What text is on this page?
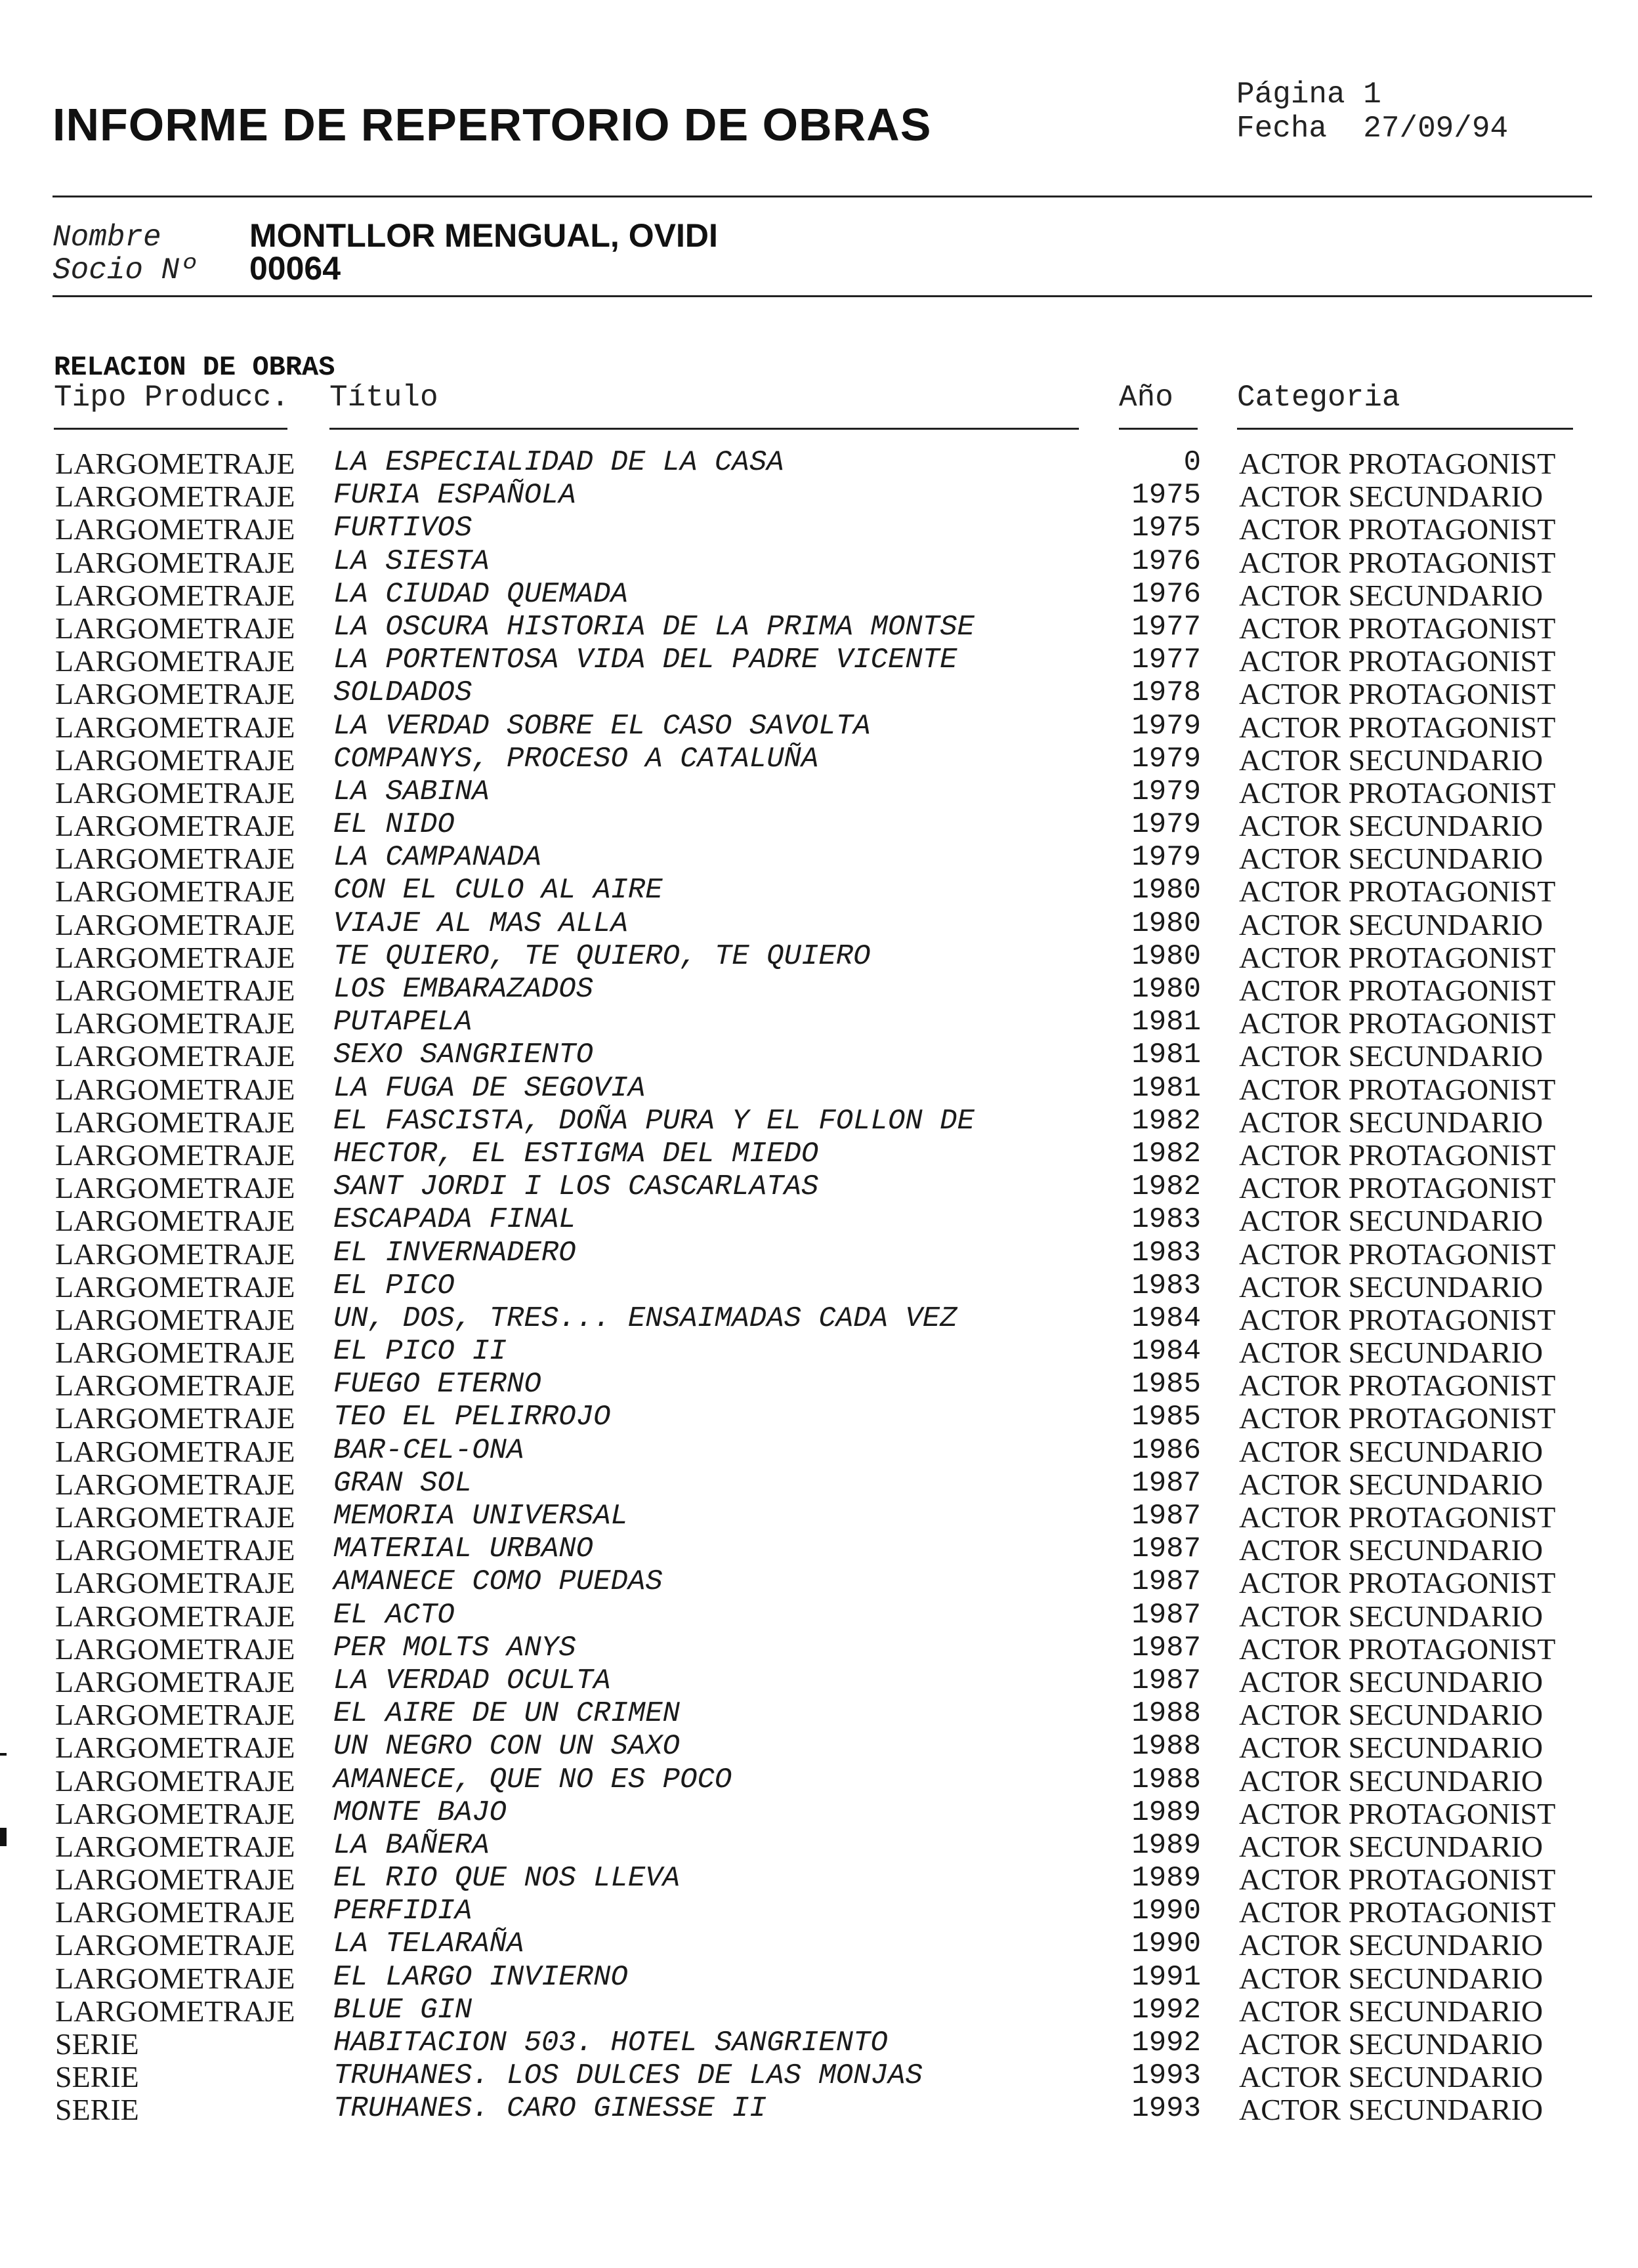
INFORME DE REPERTORIO DE OBRAS
Página 1
Fecha 27/09/94
Nombre	MONTLLOR MENGUAL, OVIDI
Socio Nº	00064
RELACION DE OBRAS
Tipo Producc. Título	Año Categoria
LARGOMETRAJE LA ESPECIALIDAD DE LA CASA	0 ACTOR PROTAGONIST
LARGOMETRAJE FURIA ESPAÑOLA	1975 ACTOR SECUNDARIO
LARGOMETRAJE FURTIVOS	1975 ACTOR PROTAGONIST
LARGOMETRAJE LA SIESTA	1976 ACTOR PROTAGONIST
LARGOMETRAJE LA CIUDAD QUEMADA	1976 ACTOR SECUNDARIO
LARGOMETRAJE LA OSCURA HISTORIA DE LA PRIMA MONTSE	1977 ACTOR PROTAGONIST
LARGOMETRAJE LA PORTENTOSA VIDA DEL PADRE VICENTE	1977 ACTOR PROTAGONIST
LARGOMETRAJE SOLDADOS	1978 ACTOR PROTAGONIST
LARGOMETRAJE LA VERDAD SOBRE EL CASO SAVOLTA	1979 ACTOR PROTAGONIST
LARGOMETRAJE COMPANYS, PROCESO A CATALUÑA	1979 ACTOR SECUNDARIO
LARGOMETRAJE LA SABINA	1979 ACTOR PROTAGONIST
LARGOMETRAJE EL NIDO	1979 ACTOR SECUNDARIO
LARGOMETRAJE LA CAMPANADA	1979 ACTOR SECUNDARIO
LARGOMETRAJE CON EL CULO AL AIRE	1980 ACTOR PROTAGONIST
LARGOMETRAJE VIAJE AL MAS ALLA	1980 ACTOR SECUNDARIO
LARGOMETRAJE TE QUIERO, TE QUIERO, TE QUIERO	1980 ACTOR PROTAGONIST
LARGOMETRAJE LOS EMBARAZADOS	1980 ACTOR PROTAGONIST
LARGOMETRAJE PUTAPELA	1981 ACTOR PROTAGONIST
LARGOMETRAJE SEXO SANGRIENTO	1981 ACTOR SECUNDARIO
LARGOMETRAJE LA FUGA DE SEGOVIA	1981 ACTOR PROTAGONIST
LARGOMETRAJE EL FASCISTA, DOÑA PURA Y EL FOLLON DE	1982 ACTOR SECUNDARIO
LARGOMETRAJE HECTOR, EL ESTIGMA DEL MIEDO	1982 ACTOR PROTAGONIST
LARGOMETRAJE SANT JORDI I LOS CASCARLATAS	1982 ACTOR PROTAGONIST
LARGOMETRAJE ESCAPADA FINAL	1983 ACTOR SECUNDARIO
LARGOMETRAJE EL INVERNADERO	1983 ACTOR PROTAGONIST
LARGOMETRAJE EL PICO	1983 ACTOR SECUNDARIO
LARGOMETRAJE UN, DOS, TRES... ENSAIMADAS CADA VEZ	1984 ACTOR PROTAGONIST
LARGOMETRAJE EL PICO II	1984 ACTOR SECUNDARIO
LARGOMETRAJE FUEGO ETERNO	1985 ACTOR PROTAGONIST
LARGOMETRAJE TEO EL PELIRROJO	1985 ACTOR PROTAGONIST
LARGOMETRAJE BAR-CEL-ONA	1986 ACTOR SECUNDARIO
LARGOMETRAJE GRAN SOL	1987 ACTOR SECUNDARIO
LARGOMETRAJE MEMORIA UNIVERSAL	1987 ACTOR PROTAGONIST
LARGOMETRAJE MATERIAL URBANO	1987 ACTOR SECUNDARIO
LARGOMETRAJE AMANECE COMO PUEDAS	1987 ACTOR PROTAGONIST
LARGOMETRAJE EL ACTO	1987 ACTOR SECUNDARIO
LARGOMETRAJE PER MOLTS ANYS	1987 ACTOR PROTAGONIST
LARGOMETRAJE LA VERDAD OCULTA	1987 ACTOR SECUNDARIO
LARGOMETRAJE EL AIRE DE UN CRIMEN	1988 ACTOR SECUNDARIO
LARGOMETRAJE UN NEGRO CON UN SAXO	1988 ACTOR SECUNDARIO
LARGOMETRAJE AMANECE, QUE NO ES POCO	1988 ACTOR SECUNDARIO
LARGOMETRAJE MONTE BAJO	1989 ACTOR PROTAGONIST
LARGOMETRAJE LA BAÑERA	1989 ACTOR SECUNDARIO
LARGOMETRAJE EL RIO QUE NOS LLEVA	1989 ACTOR PROTAGONIST
LARGOMETRAJE PERFIDIA	1990 ACTOR PROTAGONIST
LARGOMETRAJE LA TELARAÑA	1990 ACTOR SECUNDARIO
LARGOMETRAJE EL LARGO INVIERNO	1991 ACTOR SECUNDARIO
LARGOMETRAJE BLUE GIN	1992 ACTOR SECUNDARIO
SERIE	HABITACION 503. HOTEL SANGRIENTO	1992 ACTOR SECUNDARIO
SERIE	TRUHANES. LOS DULCES DE LAS MONJAS	1993 ACTOR SECUNDARIO
SERIE	TRUHANES. CARO GINESSE II	1993 ACTOR SECUNDARIO
